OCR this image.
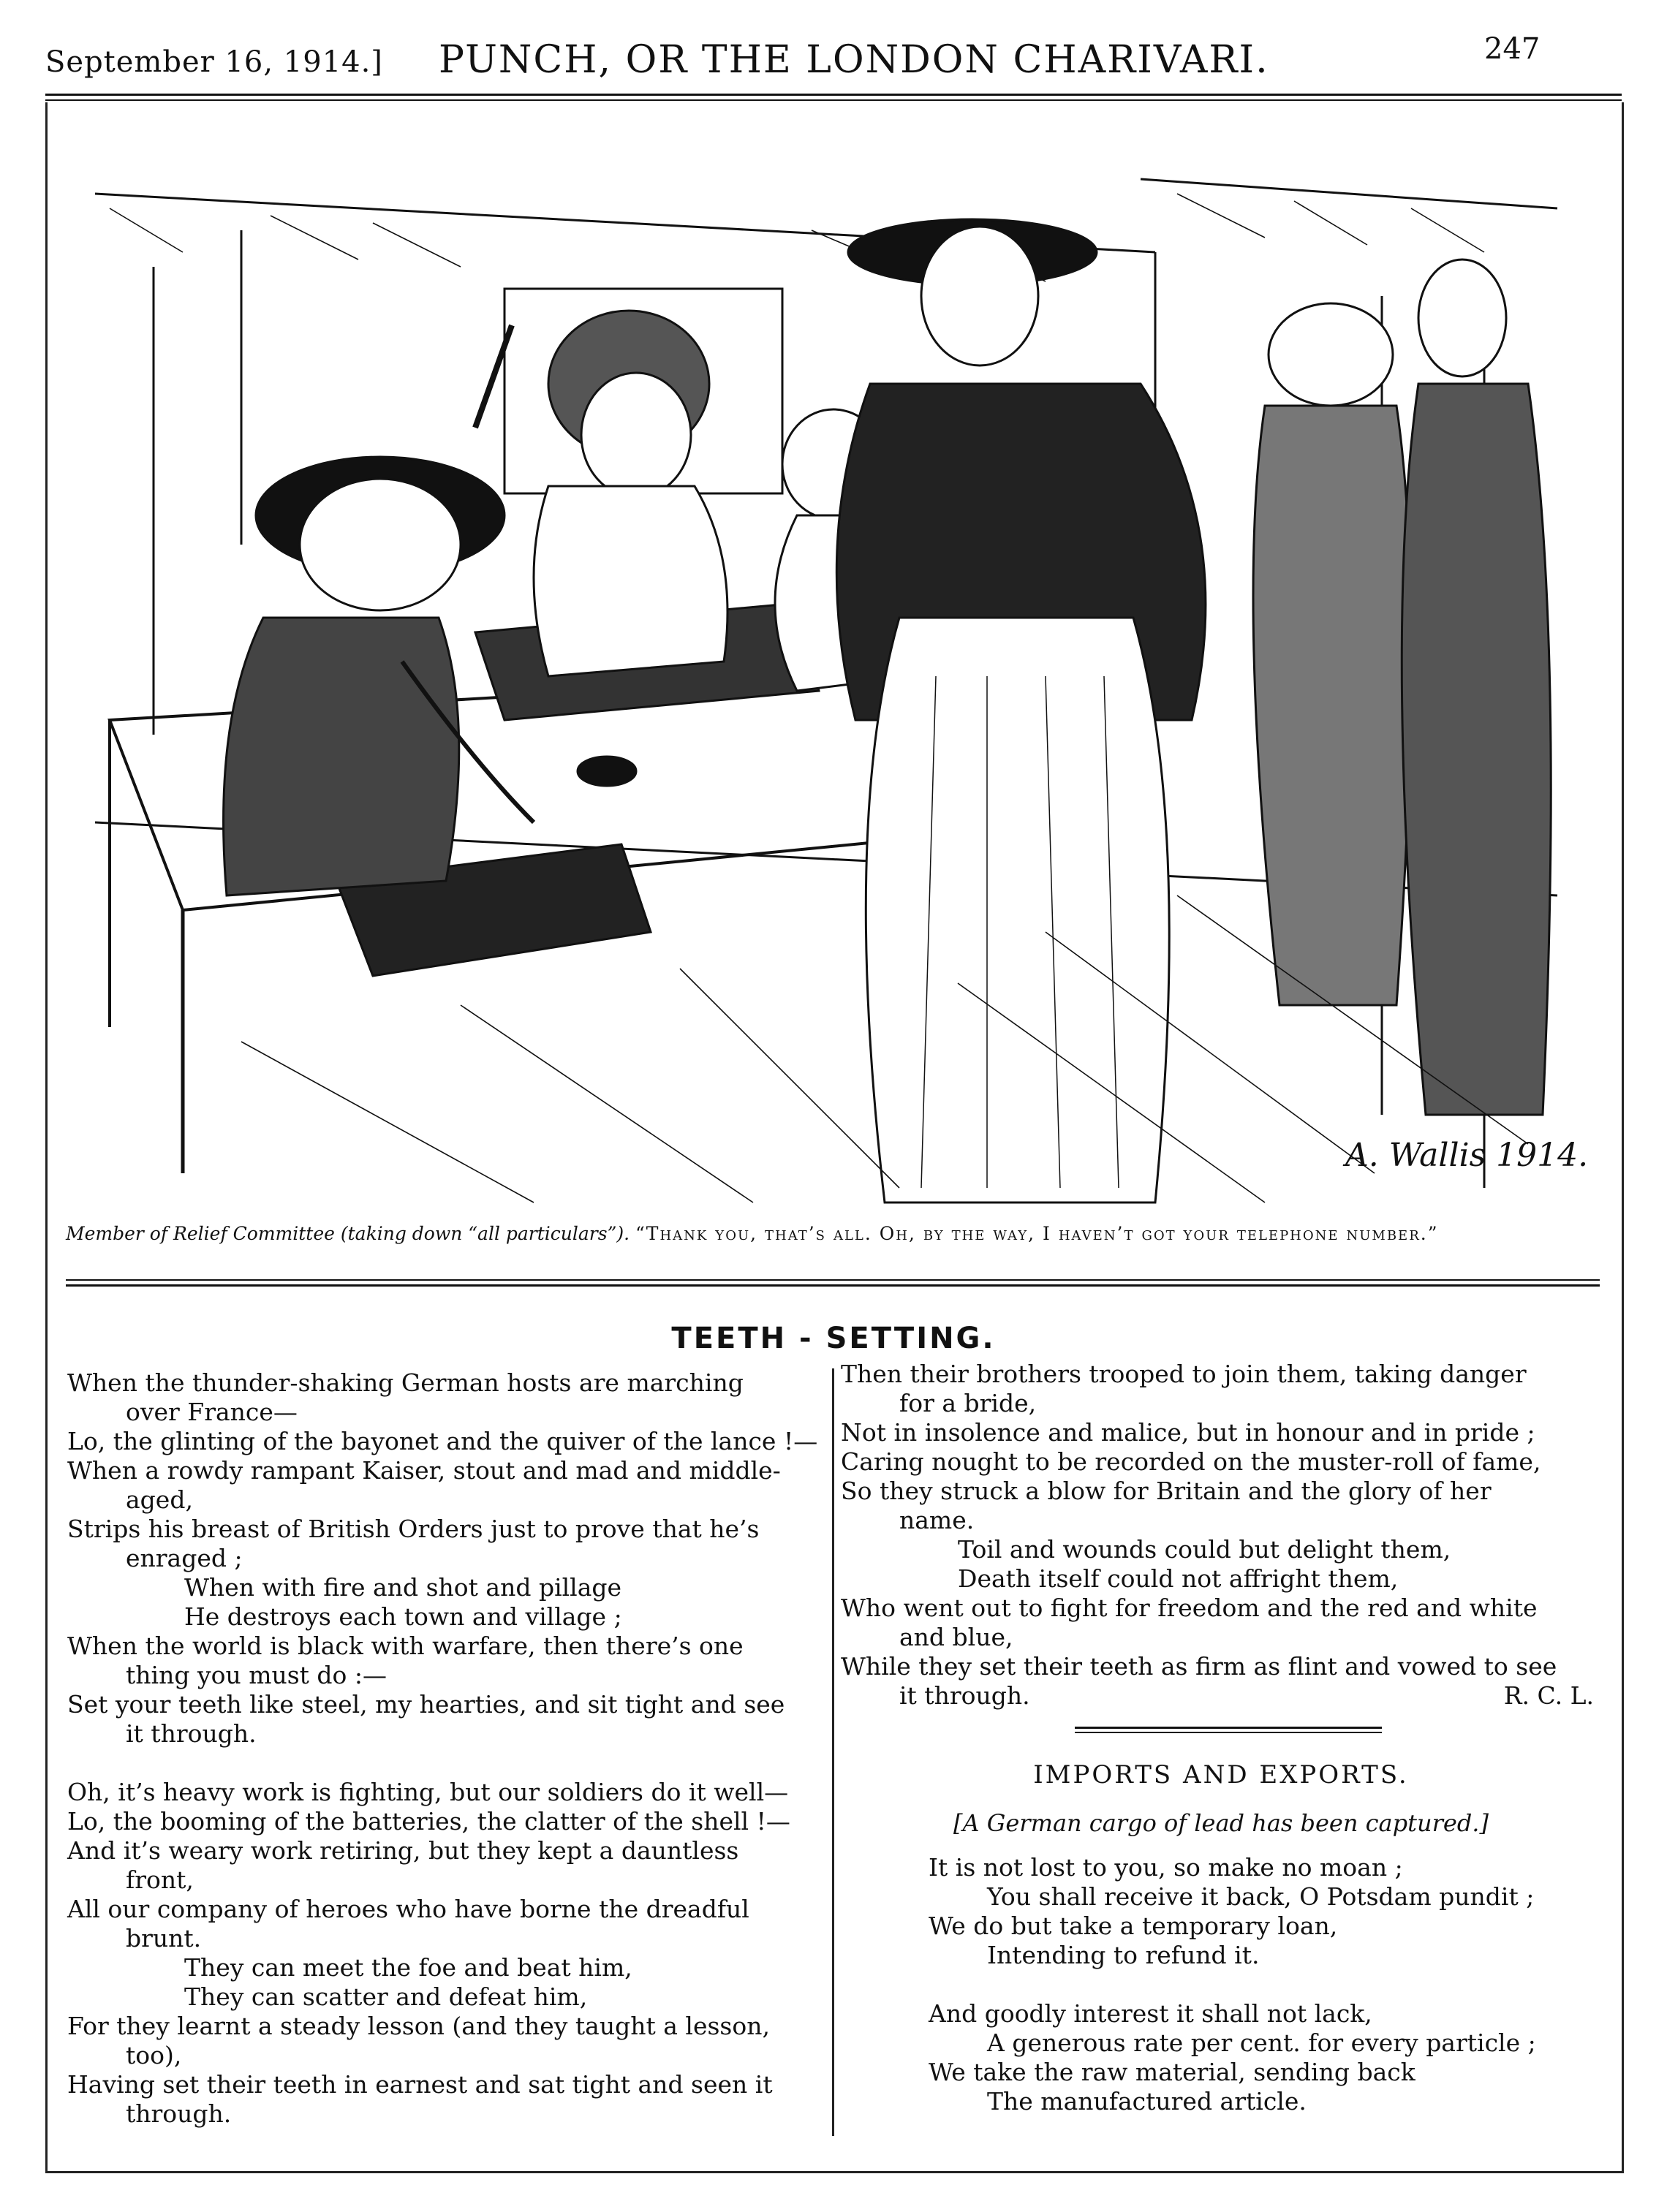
September 16, 1914.] PUNCH, OR THE LONDON CHARIVARI.	247
A. Wallis 1914.
Member of Relief Committee (taking down “all particulars”). “Thank you, that’s all. Oh, by the way, I haven’t got your telephone number.”
TEETH - SETTING.
When the thunder-shaking German hosts are marching
over France—
Lo, the glinting of the bayonet and the quiver of the lance !—
When a rowdy rampant Kaiser, stout and mad and middle-
aged,
Strips his breast of British Orders just to prove that he’s
enraged ;
When with fire and shot and pillage
He destroys each town and village ;
When the world is black with warfare, then there’s one
thing you must do :—
Set your teeth like steel, my hearties, and sit tight and see
it through.

Oh, it’s heavy work is fighting, but our soldiers do it well—
Lo, the booming of the batteries, the clatter of the shell !—
And it’s weary work retiring, but they kept a dauntless
front,
All our company of heroes who have borne the dreadful
brunt.
They can meet the foe and beat him,
They can scatter and defeat him,
For they learnt a steady lesson (and they taught a lesson,
too),
Having set their teeth in earnest and sat tight and seen it
through.
Then their brothers trooped to join them, taking danger
for a bride,
Not in insolence and malice, but in honour and in pride ;
Caring nought to be recorded on the muster-roll of fame,
So they struck a blow for Britain and the glory of her
name.
Toil and wounds could but delight them,
Death itself could not affright them,
Who went out to fight for freedom and the red and white
and blue,
While they set their teeth as firm as flint and vowed to see
it through.	R. C. L.
IMPORTS AND EXPORTS.
[A German cargo of lead has been captured.]
It is not lost to you, so make no moan ;
You shall receive it back, O Potsdam pundit ;
We do but take a temporary loan,
Intending to refund it.

And goodly interest it shall not lack,
A generous rate per cent. for every particle ;
We take the raw material, sending back
The manufactured article.
